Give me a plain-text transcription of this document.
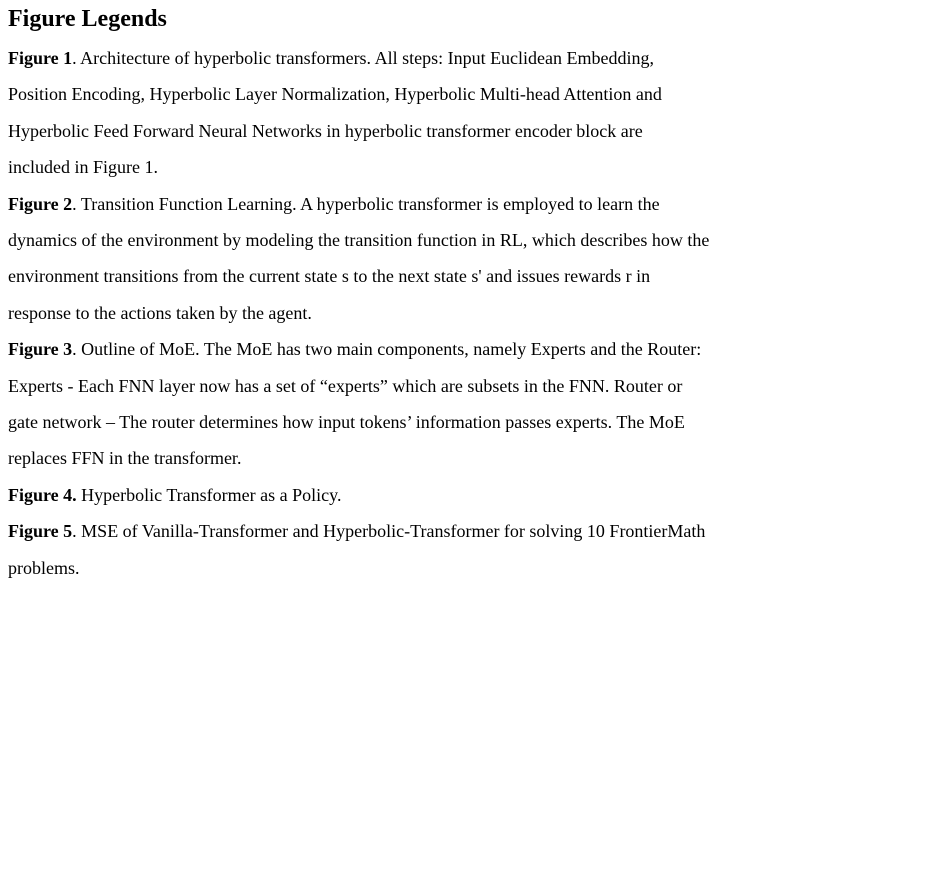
Figure Legends

Figure 1. Architecture of hyperbolic transformers. All steps: Input Euclidean Embedding,
Position Encoding, Hyperbolic Layer Normalization, Hyperbolic Multi-head Attention and
Hyperbolic Feed Forward Neural Networks in hyperbolic transformer encoder block are
included in Figure 1.

Figure 2. Transition Function Learning. A hyperbolic transformer is employed to learn the
dynamics of the environment by modeling the transition function in RL, which describes how the
environment transitions from the current state s to the next state s' and issues rewards r in
response to the actions taken by the agent.

Figure 3. Outline of MoE. The MoE has two main components, namely Experts and the Router:
Experts - Each FNN layer now has a set of “experts” which are subsets in the FNN. Router or
gate network – The router determines how input tokens’ information passes experts. The MoE
replaces FFN in the transformer.

Figure 4. Hyperbolic Transformer as a Policy.

Figure 5. MSE of Vanilla-Transformer and Hyperbolic-Transformer for solving 10 FrontierMath
problems.
